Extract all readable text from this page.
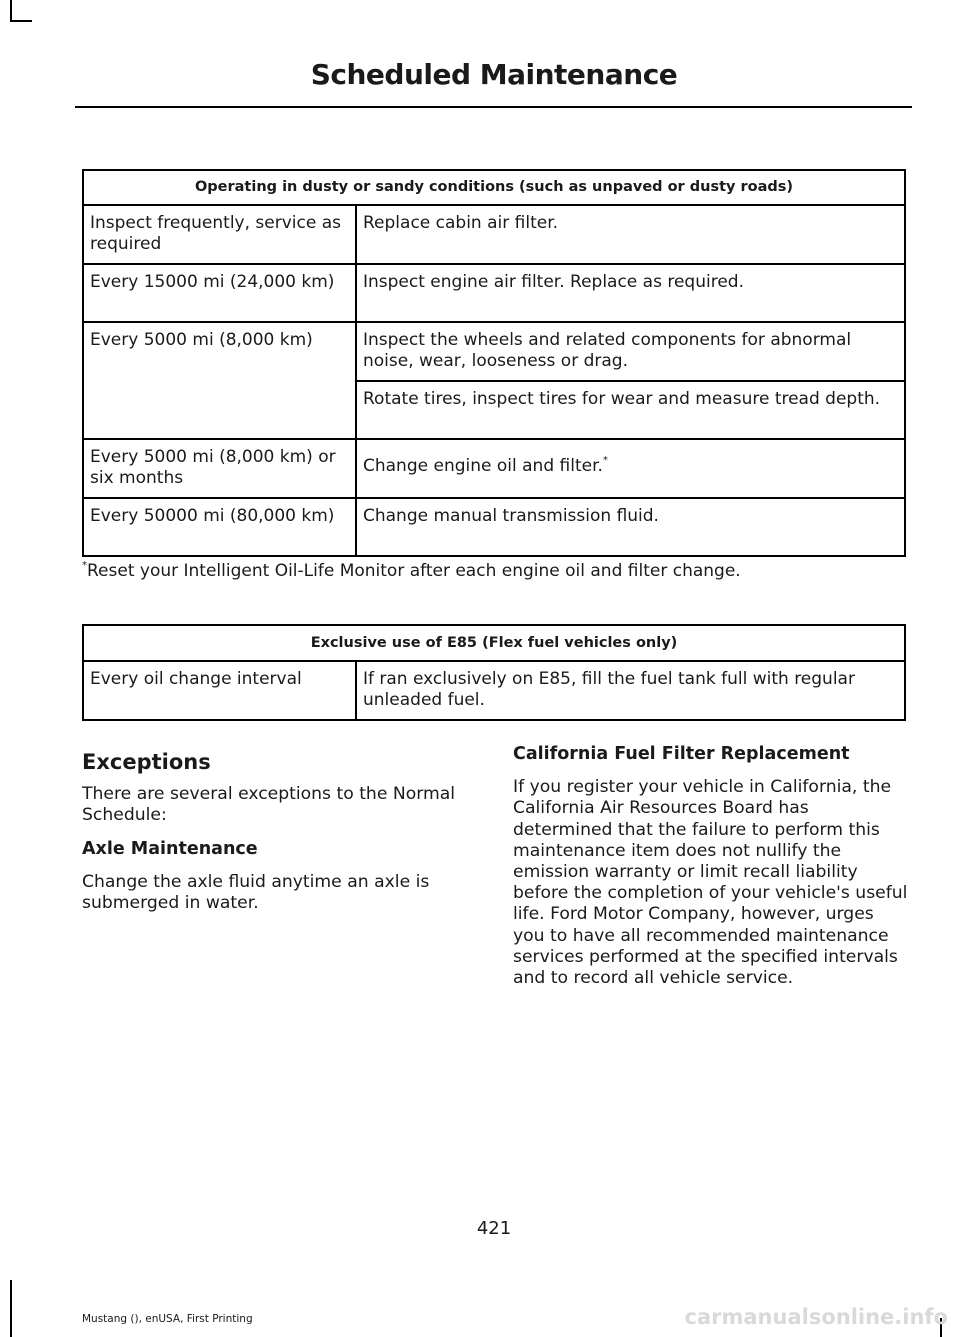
Scheduled Maintenance
Operating in dusty or sandy conditions (such as unpaved or dusty roads)	
Inspect frequently, service as required	Replace cabin air filter.
Every 15000 mi (24,000 km)	Inspect engine air filter. Replace as required.
Every 5000 mi (8,000 km)	Inspect the wheels and related components for abnormal noise, wear, looseness or drag.
	Rotate tires, inspect tires for wear and measure tread depth.
Every 5000 mi (8,000 km) or six months	Change engine oil and filter.*
Every 50000 mi (80,000 km)	Change manual transmission fluid.
*Reset your Intelligent Oil-Life Monitor after each engine oil and filter change.
Exclusive use of E85 (Flex fuel vehicles only)
Every oil change interval	If ran exclusively on E85, fill the fuel tank full with regular unleaded fuel.

Exceptions

There are several exceptions to the Normal Schedule:

Axle Maintenance

Change the axle fluid anytime an axle is submerged in water.

California Fuel Filter Replacement

If you register your vehicle in California, the California Air Resources Board has determined that the failure to perform this maintenance item does not nullify the emission warranty or limit recall liability before the completion of your vehicle's useful life. Ford Motor Company, however, urges you to have all recommended maintenance services performed at the specified intervals and to record all vehicle service.

421
Mustang (), enUSA, First Printing	carmanualsonline.info
